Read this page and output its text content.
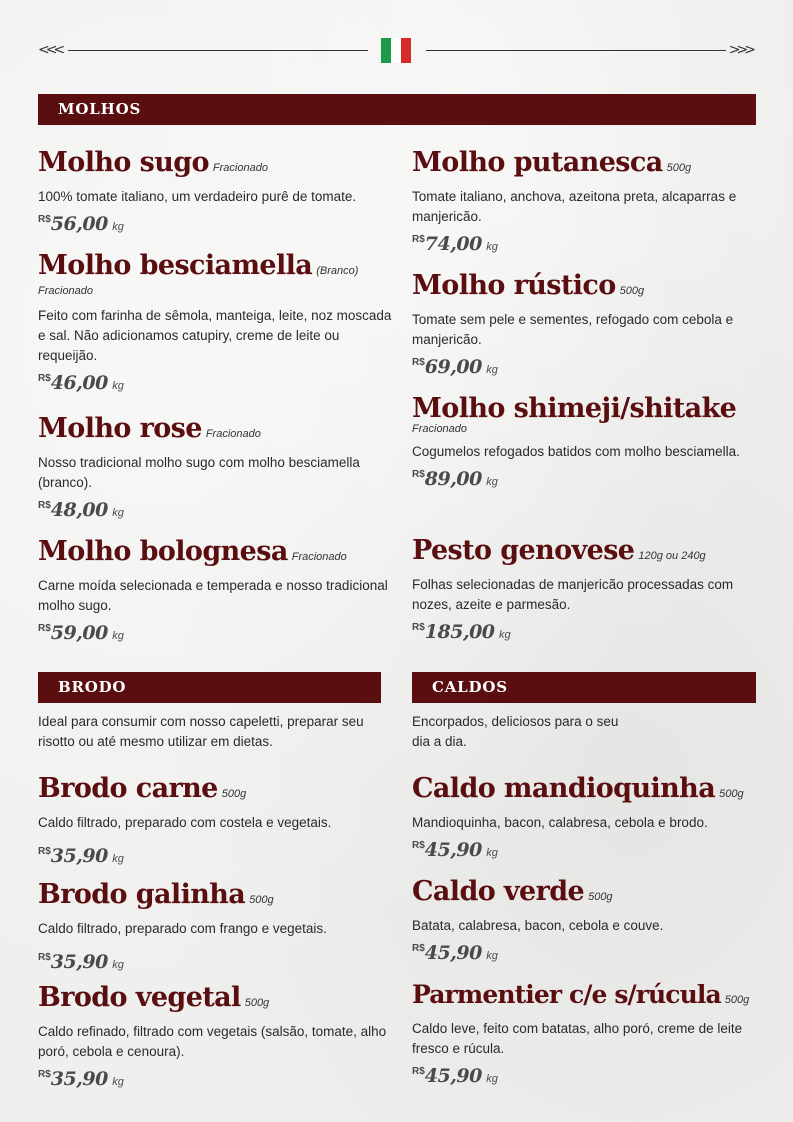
<<<	>>>
MOLHOS
Molho sugo Fracionado
100% tomate italiano, um verdadeiro purê de tomate.
$^{R\$}$56,00 kg
Molho besciamella (Branco)
Fracionado
Feito com farinha de sêmola, manteiga, leite, noz moscada e sal. Não adicionamos catupiry, creme de leite ou requeijão.
$^{R\$}$46,00 kg
Molho rose Fracionado
Nosso tradicional molho sugo com molho besciamella (branco).
$^{R\$}$48,00 kg
Molho bolognesa Fracionado
Carne moída selecionada e temperada e nosso tradicional molho sugo.
$^{R\$}$59,00 kg
Molho putanesca 500g
Tomate italiano, anchova, azeitona preta, alcaparras e manjericão.
$^{R\$}$74,00 kg
Molho rústico 500g
Tomate sem pele e sementes, refogado com cebola e manjericão.
$^{R\$}$69,00 kg
Molho shimeji/shitake
Fracionado
Cogumelos refogados batidos com molho besciamella.
$^{R\$}$89,00 kg
Pesto genovese 120g ou 240g
Folhas selecionadas de manjericão processadas com nozes, azeite e parmesão.
$^{R\$}$185,00 kg
BRODO
Ideal para consumir com nosso capeletti, preparar seu risotto ou até mesmo utilizar em dietas.
Brodo carne 500g
Caldo filtrado, preparado com costela e vegetais.
$^{R\$}$35,90 kg
Brodo galinha 500g
Caldo filtrado, preparado com frango e vegetais.
$^{R\$}$35,90 kg
Brodo vegetal 500g
Caldo refinado, filtrado com vegetais (salsão, tomate, alho poró, cebola e cenoura).
$^{R\$}$35,90 kg
CALDOS
Encorpados, deliciosos para o seu
dia a dia.
Caldo mandioquinha 500g
Mandioquinha, bacon, calabresa, cebola e brodo.
$^{R\$}$45,90 kg
Caldo verde 500g
Batata, calabresa, bacon, cebola e couve.
$^{R\$}$45,90 kg
Parmentier c/e s/rúcula 500g
Caldo leve, feito com batatas, alho poró, creme de leite fresco e rúcula.
$^{R\$}$45,90 kg
